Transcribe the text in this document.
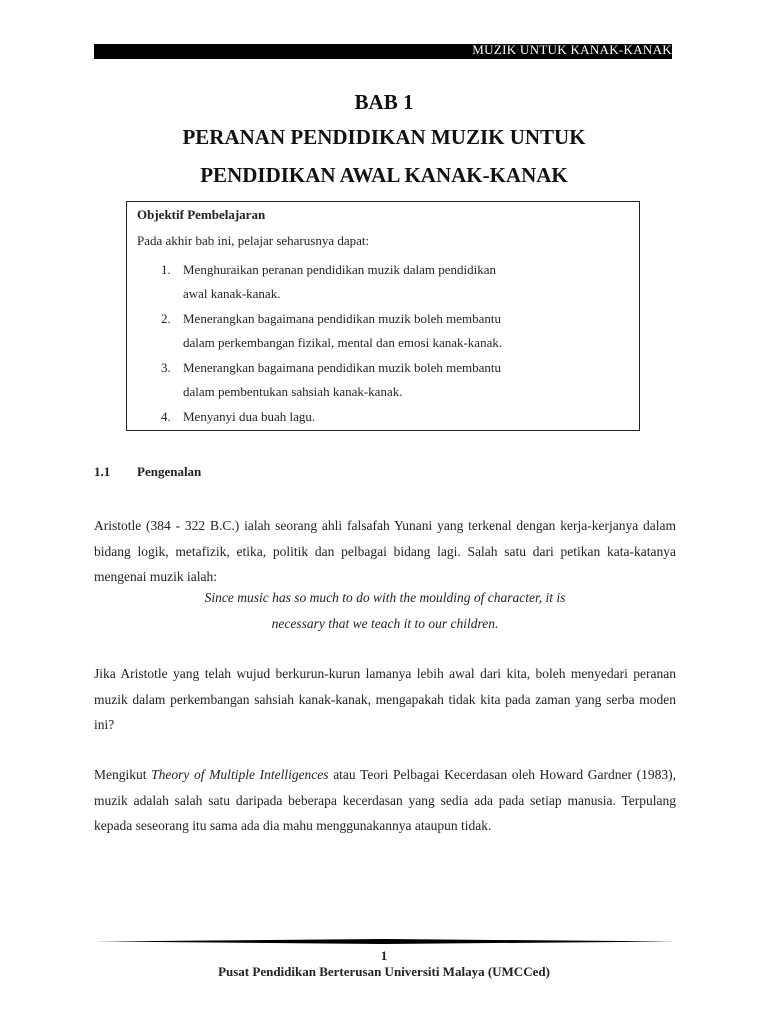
MUZIK UNTUK KANAK-KANAK
BAB 1
PERANAN PENDIDIKAN MUZIK UNTUK
PENDIDIKAN AWAL KANAK-KANAK
Objektif Pembelajaran
Pada akhir bab ini, pelajar seharusnya dapat:
1. Menghuraikan peranan pendidikan muzik dalam pendidikan
awal kanak-kanak.
2. Menerangkan bagaimana pendidikan muzik boleh membantu
dalam perkembangan fizikal, mental dan emosi kanak-kanak.
3. Menerangkan bagaimana pendidikan muzik boleh membantu
dalam pembentukan sahsiah kanak-kanak.
4. Menyanyi dua buah lagu.
1.1 Pengenalan
Aristotle (384 - 322 B.C.) ialah seorang ahli falsafah Yunani yang terkenal dengan kerja-kerjanya dalam bidang logik, metafizik, etika, politik dan pelbagai bidang lagi. Salah satu dari petikan kata-katanya mengenai muzik ialah:
Since music has so much to do with the moulding of character, it is
necessary that we teach it to our children.
Jika Aristotle yang telah wujud berkurun-kurun lamanya lebih awal dari kita, boleh menyedari peranan muzik dalam perkembangan sahsiah kanak-kanak, mengapakah tidak kita pada zaman yang serba moden ini?
Mengikut Theory of Multiple Intelligences atau Teori Pelbagai Kecerdasan oleh Howard Gardner (1983), muzik adalah salah satu daripada beberapa kecerdasan yang sedia ada pada setiap manusia. Terpulang kepada seseorang itu sama ada dia mahu menggunakannya ataupun tidak.
1
Pusat Pendidikan Berterusan Universiti Malaya (UMCCed)
